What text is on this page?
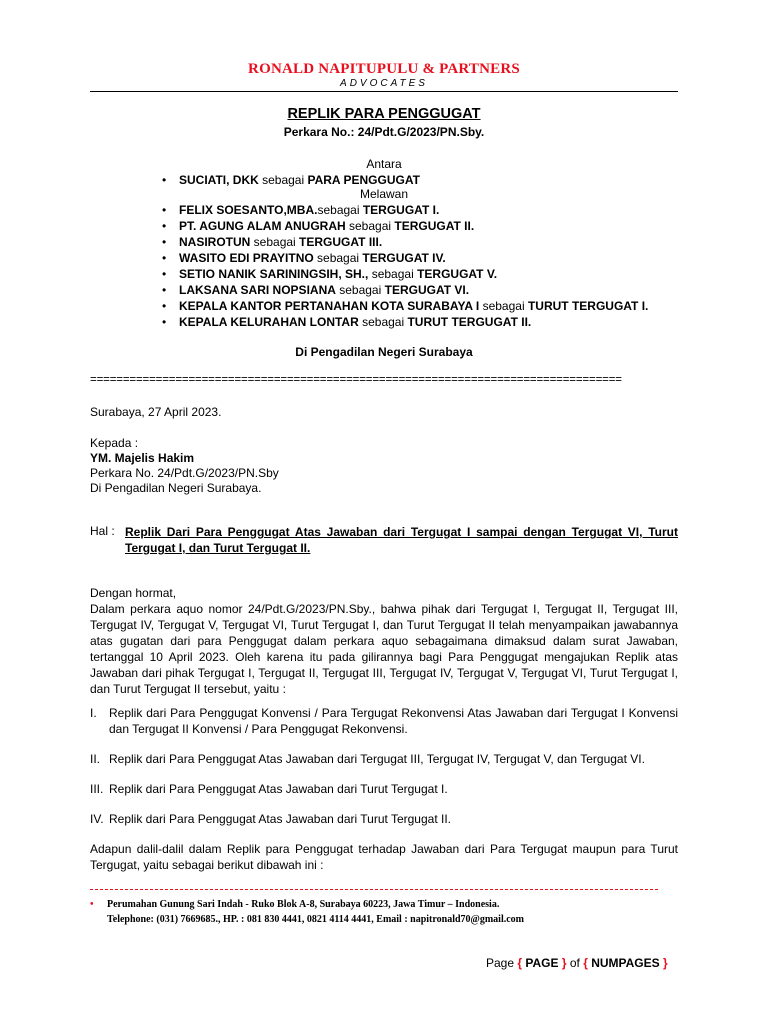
RONALD NAPITUPULU & PARTNERS
ADVOCATES
REPLIK PARA PENGGUGAT
Perkara No.: 24/Pdt.G/2023/PN.Sby.
Antara
• SUCIATI, DKK sebagai PARA PENGGUGAT
Melawan
• FELIX SOESANTO,MBA.sebagai TERGUGAT I.
• PT. AGUNG ALAM ANUGRAH sebagai TERGUGAT II.
• NASIROTUN sebagai TERGUGAT III.
• WASITO EDI PRAYITNO sebagai TERGUGAT IV.
• SETIO NANIK SARININGSIH, SH., sebagai TERGUGAT V.
• LAKSANA SARI NOPSIANA sebagai TERGUGAT VI.
• KEPALA KANTOR PERTANAHAN KOTA SURABAYA I sebagai TURUT TERGUGAT I.
• KEPALA KELURAHAN LONTAR sebagai TURUT TERGUGAT II.
Di Pengadilan Negeri Surabaya
=================================================================================
Surabaya, 27 April 2023.
Kepada :
YM. Majelis Hakim
Perkara No. 24/Pdt.G/2023/PN.Sby
Di Pengadilan Negeri Surabaya.
Hal : Replik Dari Para Penggugat Atas Jawaban dari Tergugat I sampai dengan Tergugat VI, Turut Tergugat I, dan Turut Tergugat II.

Dengan hormat,

Dalam perkara aquo nomor 24/Pdt.G/2023/PN.Sby., bahwa pihak dari Tergugat I, Tergugat II, Tergugat III, Tergugat IV, Tergugat V, Tergugat VI, Turut Tergugat I, dan Turut Tergugat II telah menyampaikan jawabannya atas gugatan dari para Penggugat dalam perkara aquo sebagaimana dimaksud dalam surat Jawaban, tertanggal 10 April 2023. Oleh karena itu pada gilirannya bagi Para Penggugat mengajukan Replik atas Jawaban dari pihak Tergugat I, Tergugat II, Tergugat III, Tergugat IV, Tergugat V, Tergugat VI, Turut Tergugat I, dan Turut Tergugat II tersebut, yaitu :

I. Replik dari Para Penggugat Konvensi / Para Tergugat Rekonvensi Atas Jawaban dari Tergugat I Konvensi dan Tergugat II Konvensi / Para Penggugat Rekonvensi.
II. Replik dari Para Penggugat Atas Jawaban dari Tergugat III, Tergugat IV, Tergugat V, dan Tergugat VI.
III. Replik dari Para Penggugat Atas Jawaban dari Turut Tergugat I.
IV. Replik dari Para Penggugat Atas Jawaban dari Turut Tergugat II.
Adapun dalil-dalil dalam Replik para Penggugat terhadap Jawaban dari Para Tergugat maupun para Turut Tergugat, yaitu sebagai berikut dibawah ini :
• Perumahan Gunung Sari Indah - Ruko Blok A-8, Surabaya 60223, Jawa Timur – Indonesia.
Telephone: (031) 7669685., HP. : 081 830 4441, 0821 4114 4441, Email : napitronald70@gmail.com
Page { PAGE } of { NUMPAGES }
